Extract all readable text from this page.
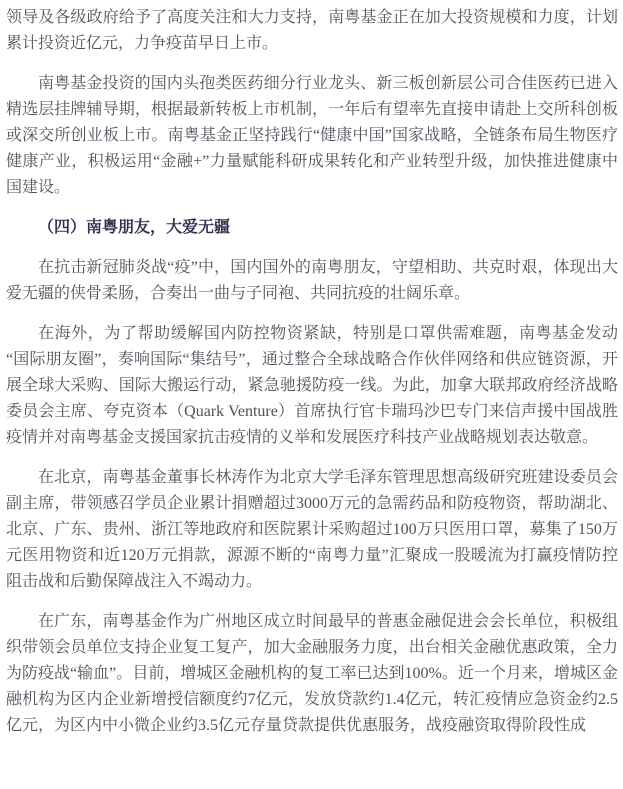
领导及各级政府给予了高度关注和大力支持，南粤基金正在加大投资规模和力度，计划累计投资近亿元，力争疫苗早日上市。

南粤基金投资的国内头孢类医药细分行业龙头、新三板创新层公司合佳医药已进入精选层挂牌辅导期，根据最新转板上市机制，一年后有望率先直接申请赴上交所科创板或深交所创业板上市。南粤基金正坚持践行“健康中国”国家战略，全链条布局生物医疗健康产业，积极运用“金融+”力量赋能科研成果转化和产业转型升级，加快推进健康中国建设。

（四）南粤朋友，大爱无疆

在抗击新冠肺炎战“疫”中，国内国外的南粤朋友，守望相助、共克时艰，体现出大爱无疆的侠骨柔肠，合奏出一曲与子同袍、共同抗疫的壮阔乐章。

在海外，为了帮助缓解国内防控物资紧缺，特别是口罩供需难题，南粤基金发动“国际朋友圈”，奏响国际“集结号”，通过整合全球战略合作伙伴网络和供应链资源，开展全球大采购、国际大搬运行动，紧急驰援防疫一线。为此，加拿大联邦政府经济战略委员会主席、夸克资本（Quark Venture）首席执行官卡瑞玛沙巴专门来信声援中国战胜疫情并对南粤基金支援国家抗击疫情的义举和发展医疗科技产业战略规划表达敬意。

在北京，南粤基金董事长林涛作为北京大学毛泽东管理思想高级研究班建设委员会副主席，带领感召学员企业累计捐赠超过3000万元的急需药品和防疫物资，帮助湖北、北京、广东、贵州、浙江等地政府和医院累计采购超过100万只医用口罩，募集了150万元医用物资和近120万元捐款，源源不断的“南粤力量”汇聚成一股暖流为打赢疫情防控阻击战和后勤保障战注入不竭动力。

在广东，南粤基金作为广州地区成立时间最早的普惠金融促进会会长单位，积极组织带领会员单位支持企业复工复产，加大金融服务力度，出台相关金融优惠政策，全力为防疫战“输血”。目前，增城区金融机构的复工率已达到100%。近一个月来，增城区金融机构为区内企业新增授信额度约7亿元，发放贷款约1.4亿元，转汇疫情应急资金约2.5亿元，为区内中小微企业约3.5亿元存量贷款提供优惠服务，战疫融资取得阶段性成
